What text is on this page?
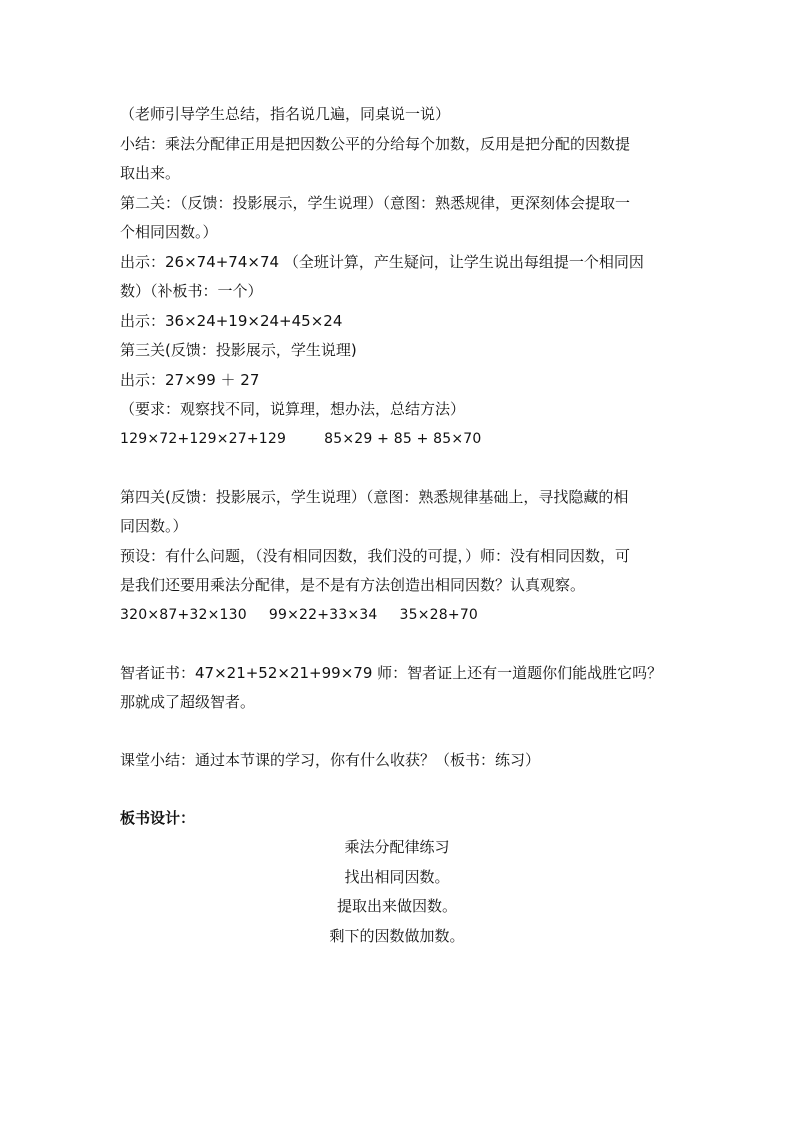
（老师引导学生总结，指名说几遍，同桌说一说）
小结：乘法分配律正用是把因数公平的分给每个加数，反用是把分配的因数提
取出来。
第二关：（反馈：投影展示，学生说理）（意图：熟悉规律，更深刻体会提取一
个相同因数。）
出示：26×74+74×74 （全班计算，产生疑问，让学生说出每组提一个相同因
数）（补板书：一个）
出示：36×24+19×24+45×24
第三关(反馈：投影展示，学生说理)
出示：27×99 ＋ 27
（要求：观察找不同，说算理，想办法，总结方法）
129×72+129×27+129	85×29 + 85 + 85×70
第四关(反馈：投影展示，学生说理）（意图：熟悉规律基础上，寻找隐藏的相
同因数。）
预设：有什么问题，（没有相同因数，我们没的可提，）师：没有相同因数，可
是我们还要用乘法分配律，是不是有方法创造出相同因数？认真观察。
320×87+32×130 99×22+33×34 35×28+70
智者证书：47×21+52×21+99×79 师：智者证上还有一道题你们能战胜它吗？
那就成了超级智者。
课堂小结：通过本节课的学习，你有什么收获？（板书：练习）
板书设计：
乘法分配律练习
找出相同因数。
提取出来做因数。
剩下的因数做加数。
